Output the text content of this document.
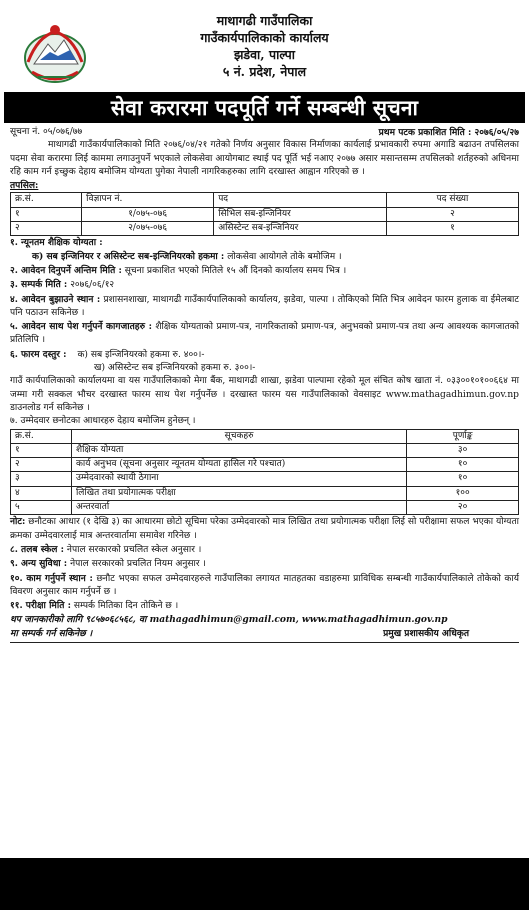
माथागढी गाउँपालिका
गाउँकार्यपालिकाको कार्यालय
झडेवा, पाल्पा
५ नं. प्रदेश, नेपाल
सेवा करारमा पदपूर्ति गर्ने सम्बन्धी सूचना
सूचना नं. ०५/०७६/७७	प्रथम पटक प्रकाशित मिति : २०७६/०५/२७

माथागढी गाउँकार्यपालिकाको मिति २०७६/०४/२१ गतेको निर्णय अनुसार विकास निर्माणका कार्यलाई प्रभावकारी रुपमा अगाडि बढाउन तपसिलका पदमा सेवा करारमा लिई काममा लगाउनुपर्ने भएकाले लोकसेवा आयोगबाट स्थाई पद पूर्ति भई नआए २०७७ असार मसान्तसम्म तपसिलको शर्तहरुको अधिनमा रहि काम गर्न इच्छुक देहाय बमोजिम योग्यता पुगेका नेपाली नागरिकहरुका लागि दरखास्त आह्वान गरिएको छ ।

तपसिल:
क्र.सं.	विज्ञापन नं.	पद	पद संख्या
१	१/०७५-०७६	सिभिल सब-इन्जिनियर	२
२	२/०७५-०७६	असिस्टेन्ट सब-इन्जिनियर	१
१. न्यूनतम शैक्षिक योग्यता :
क) सब इन्जिनियर र असिस्टेन्ट सब-इन्जिनियरको हकमा : लोकसेवा आयोगले तोके बमोजिम ।
२. आवेदन दिनुपर्ने अन्तिम मिति : सूचना प्रकाशित भएको मितिले १५ औं दिनको कार्यालय समय भित्र ।
३. सम्पर्क मिति : २०७६/०६/१२

४. आवेदन बुझाउने स्थान : प्रशासनशाखा, माथागढी गाउँकार्यपालिकाको कार्यालय, झडेवा, पाल्पा । तोकिएको मिति भित्र आवेदन फारम हुलाक वा ईमेलबाट पनि पठाउन सकिनेछ ।

५. आवेदन साथ पेश गर्नुपर्ने कागजातहरु : शैक्षिक योग्यताको प्रमाण-पत्र, नागरिकताको प्रमाण-पत्र, अनुभवको प्रमाण-पत्र तथा अन्य आवश्यक कागजातको प्रतिलिपि ।

६. फारम दस्तुर : क) सब इन्जिनियरको हकमा रु. ४००।-
ख) असिस्टेन्ट सब इन्जिनियरको हकमा रु. ३००।-

गाउँ कार्यपालिकाको कार्यालयमा वा यस गाउँपालिकाको मेगा बैंक, माथागढी शाखा, झडेवा पाल्पामा रहेको मूल संचित कोष खाता नं. ०३३००१०१००६६४ मा जम्मा गरी सक्कल भौचर दरखास्त फारम साथ पेश गर्नुपर्नेछ । दरखास्त फारम यस गाउँपालिकाको वेवसाइट www.mathagadhimun.gov.np डाउनलोड गर्न सकिनेछ ।

७. उम्मेदवार छनोटका आधारहरु देहाय बमोजिम हुनेछन् ।
क्र.सं.	सूचकहरु	पूर्णाङ्क
१	शैक्षिक योग्यता	३०
२	कार्य अनुभव (सूचना अनुसार न्यूनतम योग्यता हासिल गरे पश्चात)	१०
३	उम्मेदवारको स्थायी ठेगाना	१०
४	लिखित तथा प्रयोगात्मक परीक्षा	१००
५	अन्तरवार्ता	२०

नोट: छनौटका आधार (१ देखि ३) का आधारमा छोटो सूचिमा परेका उम्मेदवारको मात्र लिखित तथा प्रयोगात्मक परीक्षा लिई सो परीक्षामा सफल भएका योग्यता क्रमका उम्मेदवारलाई मात्र अन्तरवार्तामा समावेश गरिनेछ ।

८. तलब स्केल : नेपाल सरकारको प्रचलित स्केल अनुसार ।
९. अन्य सुविधा : नेपाल सरकारको प्रचलित नियम अनुसार ।

१०. काम गर्नुपर्ने स्थान : छनौट भएका सफल उम्मेदवारहरुले गाउँपालिका लगायत मातहतका वडाहरुमा प्राविधिक सम्बन्धी गाउँकार्यपालिकाले तोकेको कार्य विवरण अनुसार काम गर्नुपर्ने छ ।

११. परीक्षा मिति : सम्पर्क मितिका दिन तोकिने छ ।
थप जानकारीको लागि ९८५७०६८५६८, वा mathagadhimun@gmail.com, www.mathagadhimun.gov.np
मा सम्पर्क गर्न सकिनेछ ।	प्रमुख प्रशासकीय अधिकृत
